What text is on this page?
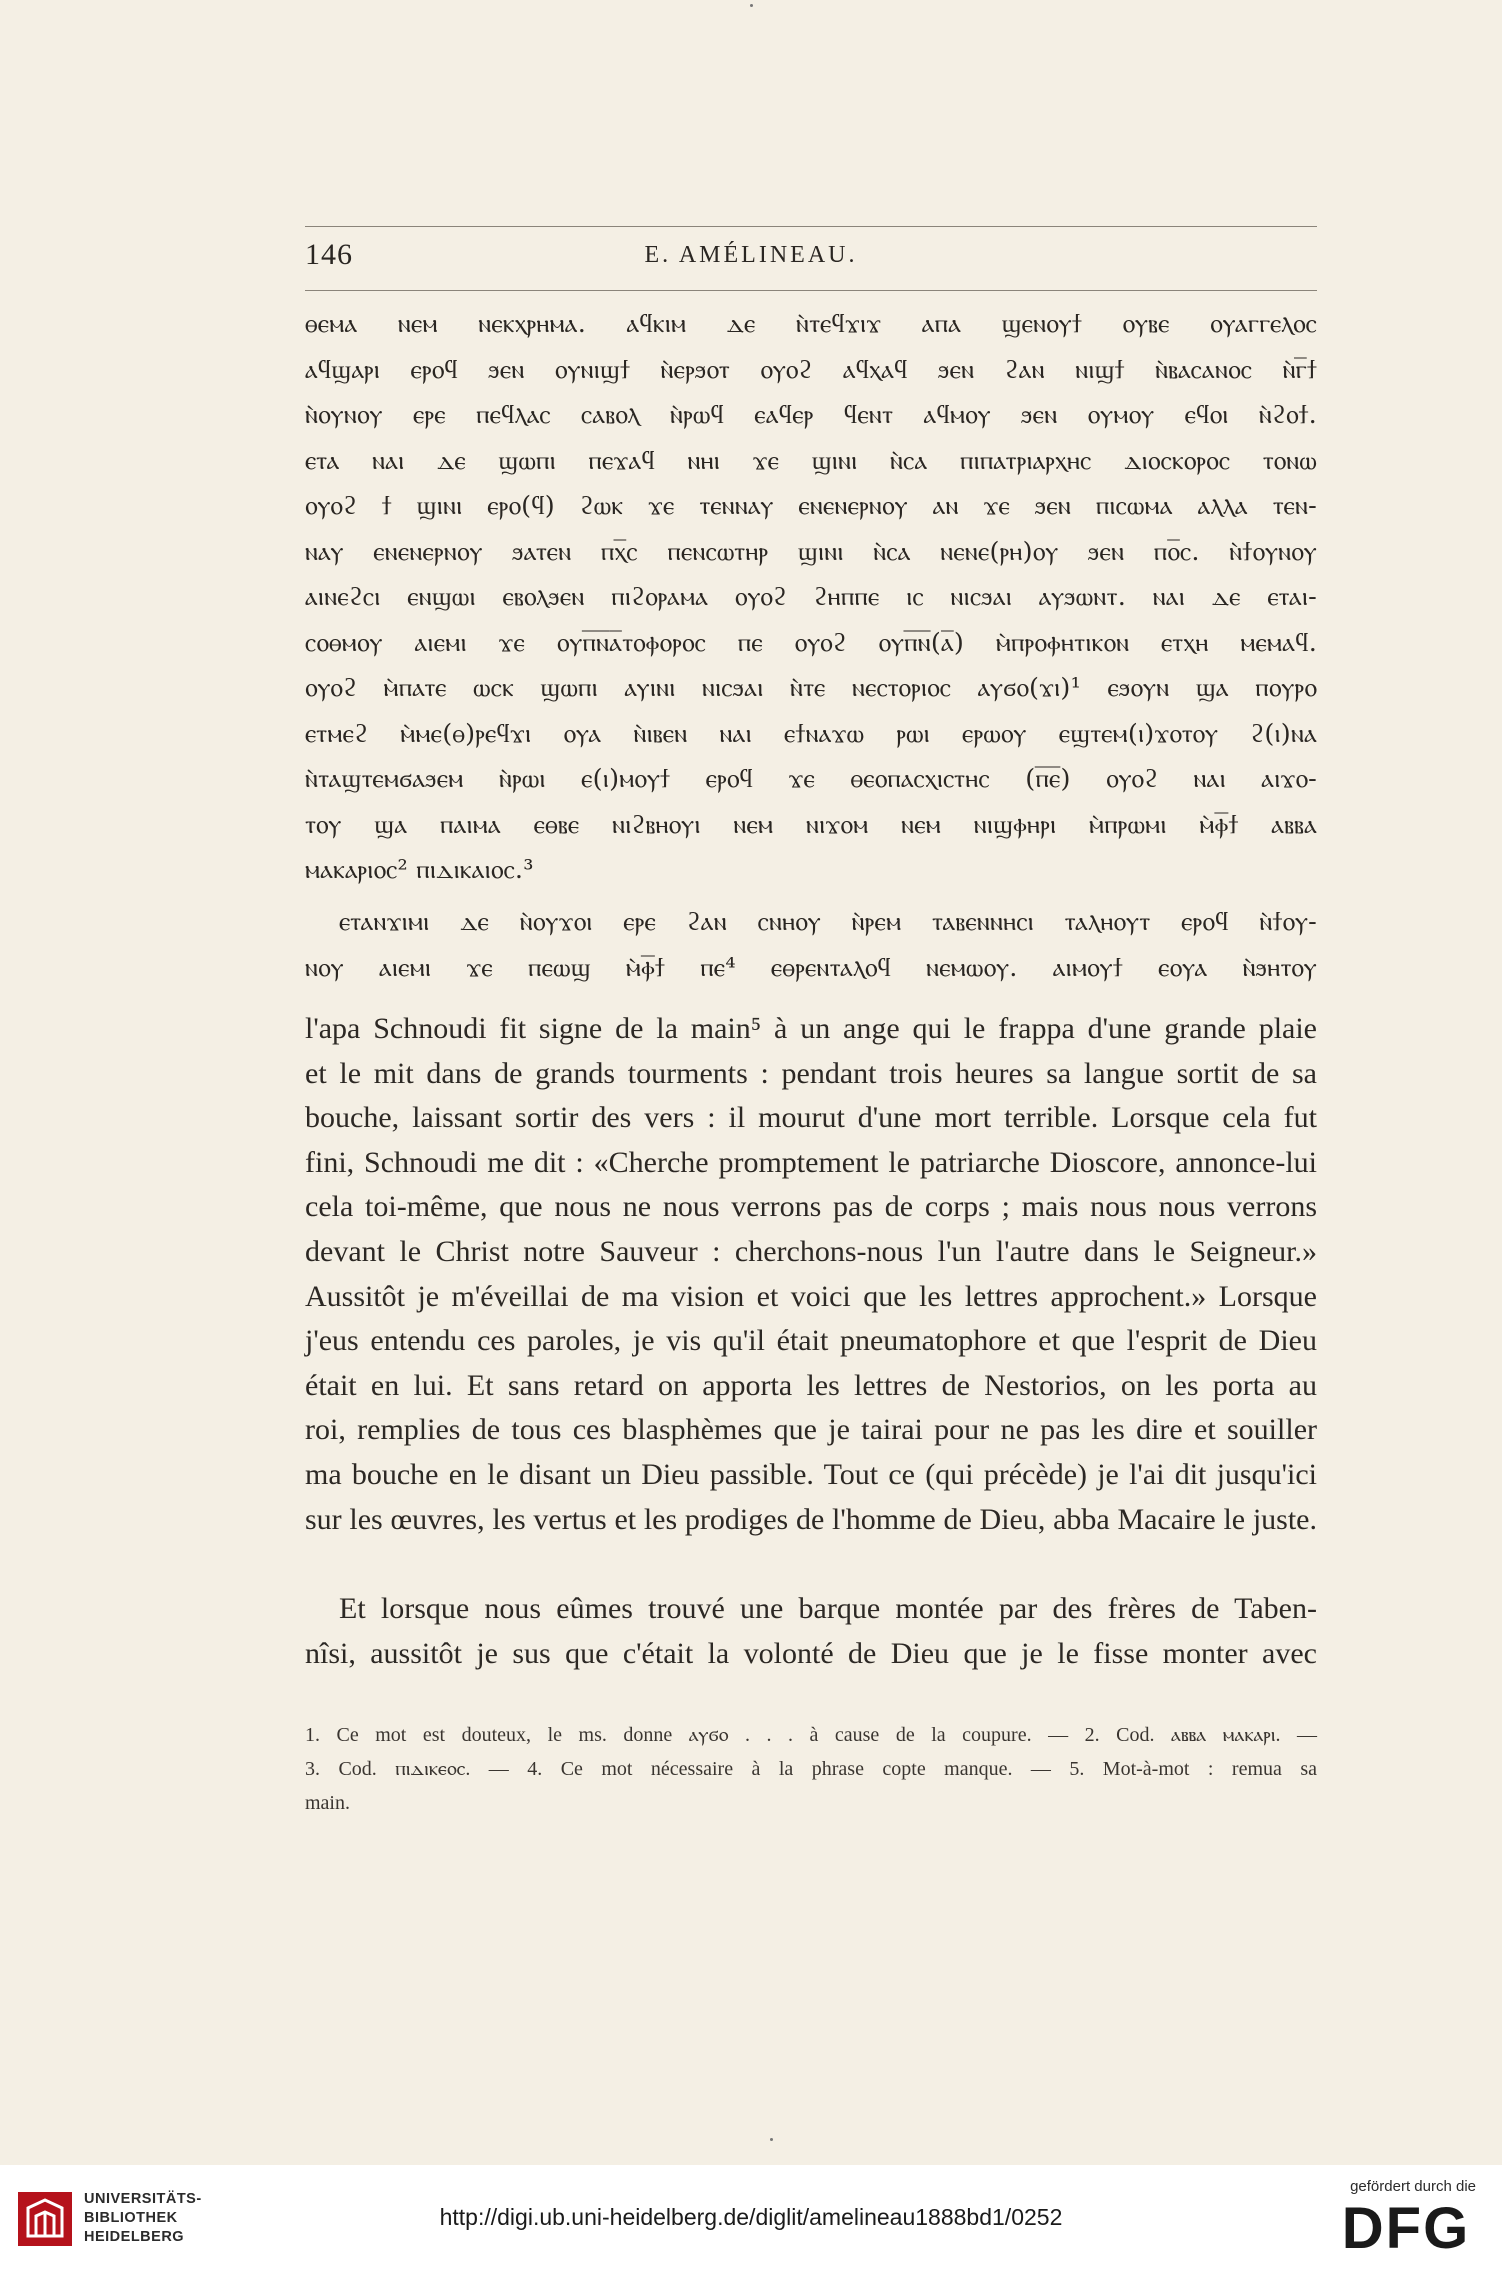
146	E. AMÉLINEAU.
ⲑⲉⲙⲁ ⲛⲉⲙ ⲛⲉⲕⲭⲣⲏⲙⲁ. ⲁϥⲕⲓⲙ ⲇⲉ ⲛ̀ⲧⲉϥϫⲓϫ ⲁⲡⲁ ϣⲉⲛⲟⲩϯ ⲟⲩⲃⲉ ⲟⲩⲁⲅⲅⲉⲗⲟⲥ
ⲁϥϣⲁⲣⲓ ⲉⲣⲟϥ ϧⲉⲛ ⲟⲩⲛⲓϣϯ ⲛ̀ⲉⲣϧⲟⲧ ⲟⲩⲟϩ ⲁϥⲭⲁϥ ϧⲉⲛ ϩⲁⲛ ⲛⲓϣϯ ⲛ̀ⲃⲁⲥⲁⲛⲟⲥ ⲛ̀ⲅ̅ϯ
ⲛ̀ⲟⲩⲛⲟⲩ ⲉⲣⲉ ⲡⲉϥⲗⲁⲥ ⲥⲁⲃⲟⲗ ⲛ̀ⲣⲱϥ ⲉⲁϥⲉⲣ ϥⲉⲛⲧ ⲁϥⲙⲟⲩ ϧⲉⲛ ⲟⲩⲙⲟⲩ ⲉϥⲟⲓ ⲛ̀ϩⲟϯ.
ⲉⲧⲁ ⲛⲁⲓ ⲇⲉ ϣⲱⲡⲓ ⲡⲉϫⲁϥ ⲛⲏⲓ ϫⲉ ϣⲓⲛⲓ ⲛ̀ⲥⲁ ⲡⲓⲡⲁⲧⲣⲓⲁⲣⲭⲏⲥ ⲇⲓⲟⲥⲕⲟⲣⲟⲥ ⲧⲟⲛⲱ
ⲟⲩⲟϩ ϯ ϣⲓⲛⲓ ⲉⲣⲟ(ϥ) ϩⲱⲕ ϫⲉ ⲧⲉⲛⲛⲁⲩ ⲉⲛⲉⲛⲉⲣⲛⲟⲩ ⲁⲛ ϫⲉ ϧⲉⲛ ⲡⲓⲥⲱⲙⲁ ⲁⲗⲗⲁ ⲧⲉⲛ-
ⲛⲁⲩ ⲉⲛⲉⲛⲉⲣⲛⲟⲩ ϧⲁⲧⲉⲛ ⲡⲭ̅ⲥ ⲡⲉⲛⲥⲱⲧⲏⲣ ϣⲓⲛⲓ ⲛ̀ⲥⲁ ⲛⲉⲛⲉ(ⲣⲏ)ⲟⲩ ϧⲉⲛ ⲡⲟ̅ⲥ. ⲛ̀ϯⲟⲩⲛⲟⲩ
ⲁⲓⲛⲉϩⲥⲓ ⲉⲛϣⲱⲓ ⲉⲃⲟⲗϧⲉⲛ ⲡⲓϩⲟⲣⲁⲙⲁ ⲟⲩⲟϩ ϩⲏⲡⲡⲉ ⲓⲥ ⲛⲓⲥϧⲁⲓ ⲁⲩϧⲱⲛⲧ. ⲛⲁⲓ ⲇⲉ ⲉⲧⲁⲓ-
ⲥⲟⲑⲙⲟⲩ ⲁⲓⲉⲙⲓ ϫⲉ ⲟⲩⲡ̅ⲛ̅ⲁ̅ⲧⲟⲫⲟⲣⲟⲥ ⲡⲉ ⲟⲩⲟϩ ⲟⲩⲡ̅ⲛ̅(ⲁ̅) ⲙ̀ⲡⲣⲟⲫⲏⲧⲓⲕⲟⲛ ⲉⲧⲭⲏ ⲙⲉⲙⲁϥ.
ⲟⲩⲟϩ ⲙ̀ⲡⲁⲧⲉ ⲱⲥⲕ ϣⲱⲡⲓ ⲁⲩⲓⲛⲓ ⲛⲓⲥϧⲁⲓ ⲛ̀ⲧⲉ ⲛⲉⲥⲧⲟⲣⲓⲟⲥ ⲁⲩϭⲟ(ϫⲓ)¹ ⲉϧⲟⲩⲛ ϣⲁ ⲡⲟⲩⲣⲟ
ⲉⲧⲙⲉϩ ⲙ̀ⲙⲉ(ⲑ)ⲣⲉϥϫⲓ ⲟⲩⲁ ⲛ̀ⲓⲃⲉⲛ ⲛⲁⲓ ⲉϯⲛⲁϫⲱ ⲣⲱⲓ ⲉⲣⲱⲟⲩ ⲉϣⲧⲉⲙ(ⲓ)ϫⲟⲧⲟⲩ ϩ(ⲓ)ⲛⲁ
ⲛ̀ⲧⲁϣⲧⲉⲙϭⲁϧⲉⲙ ⲛ̀ⲣⲱⲓ ⲉ(ⲓ)ⲙⲟⲩϯ ⲉⲣⲟϥ ϫⲉ ⲑⲉⲟⲡⲁⲥⲭⲓⲥⲧⲏⲥ (ⲡ̅ⲉ̅) ⲟⲩⲟϩ ⲛⲁⲓ ⲁⲓϫⲟ-
ⲧⲟⲩ ϣⲁ ⲡⲁⲓⲙⲁ ⲉⲑⲃⲉ ⲛⲓϩⲃⲏⲟⲩⲓ ⲛⲉⲙ ⲛⲓϫⲟⲙ ⲛⲉⲙ ⲛⲓϣⲫⲏⲣⲓ ⲙ̀ⲡⲣⲱⲙⲓ ⲙ̀ⲫ̅ϯ ⲁⲃⲃⲁ
ⲙⲁⲕⲁⲣⲓⲟⲥ² ⲡⲓⲇⲓⲕⲁⲓⲟⲥ.³
ⲉⲧⲁⲛϫⲓⲙⲓ ⲇⲉ ⲛ̀ⲟⲩϫⲟⲓ ⲉⲣⲉ ϩⲁⲛ ⲥⲛⲏⲟⲩ ⲛ̀ⲣⲉⲙ ⲧⲁⲃⲉⲛⲛⲏⲥⲓ ⲧⲁⲗⲏⲟⲩⲧ ⲉⲣⲟϥ ⲛ̀ϯⲟⲩ-
ⲛⲟⲩ ⲁⲓⲉⲙⲓ ϫⲉ ⲡⲉⲱϣ ⲙ̀ⲫ̅ϯ ⲡⲉ⁴ ⲉⲑⲣⲉⲛⲧⲁⲗⲟϥ ⲛⲉⲙⲱⲟⲩ. ⲁⲓⲙⲟⲩϯ ⲉⲟⲩⲁ ⲛ̀ϧⲏⲧⲟⲩ
l'apa Schnoudi fit signe de la main⁵ à un ange qui le frappa d'une grande plaie
et le mit dans de grands tourments : pendant trois heures sa langue sortit de sa
bouche, laissant sortir des vers : il mourut d'une mort terrible. Lorsque cela fut
fini, Schnoudi me dit : «Cherche promptement le patriarche Dioscore, annonce-lui
cela toi-même, que nous ne nous verrons pas de corps ; mais nous nous verrons
devant le Christ notre Sauveur : cherchons-nous l'un l'autre dans le Seigneur.»
Aussitôt je m'éveillai de ma vision et voici que les lettres approchent.» Lorsque
j'eus entendu ces paroles, je vis qu'il était pneumatophore et que l'esprit de Dieu
était en lui. Et sans retard on apporta les lettres de Nestorios, on les porta au
roi, remplies de tous ces blasphèmes que je tairai pour ne pas les dire et souiller
ma bouche en le disant un Dieu passible. Tout ce (qui précède) je l'ai dit jusqu'ici
sur les œuvres, les vertus et les prodiges de l'homme de Dieu, abba Macaire le juste.
Et lorsque nous eûmes trouvé une barque montée par des frères de Taben-
nîsi, aussitôt je sus que c'était la volonté de Dieu que je le fisse monter avec
1. Ce mot est douteux, le ms. donne ⲁⲩϭⲟ . . . à cause de la coupure. — 2. Cod. ⲁⲃⲃⲁ ⲙⲁⲕⲁⲣⲓ. —
3. Cod. ⲡⲓⲇⲓⲕⲉⲟⲥ. — 4. Ce mot nécessaire à la phrase copte manque. — 5. Mot-à-mot : remua sa
main.
UNIVERSITÄTS-
BIBLIOTHEK
HEIDELBERG
http://digi.ub.uni-heidelberg.de/diglit/amelineau1888bd1/0252
gefördert durch die
DFG
